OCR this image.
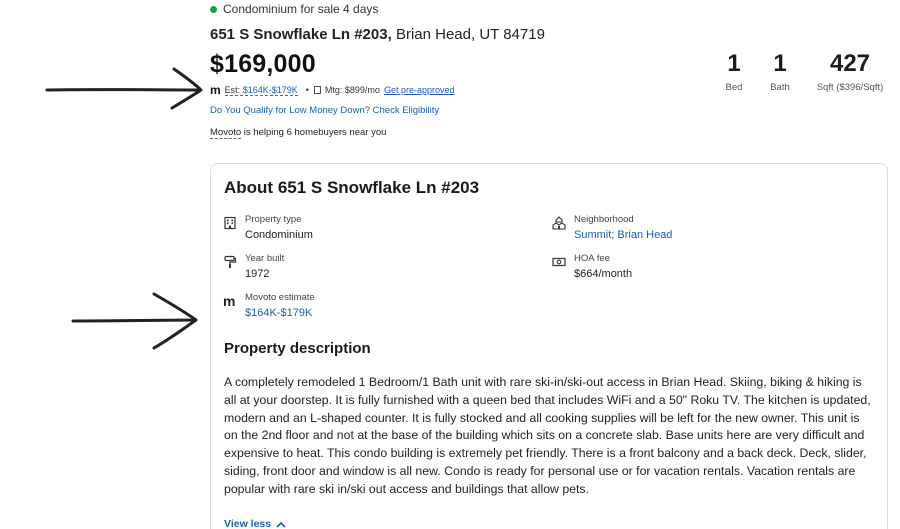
Condominium for sale 4 days
651 S Snowflake Ln #203, Brian Head, UT 84719
$169,000
m Est: $164K-$179K • Mtg: $899/mo Get pre-approved
Do You Qualify for Low Money Down? Check Eligibility
Movoto is helping 6 homebuyers near you
1
Bed
1
Bath
427
Sqft ($396/Sqft)
About 651 S Snowflake Ln #203
Property type
Condominium
Neighborhood
Summit; Brian Head
Year built
1972
HOA fee
$664/month
m Movoto estimate
$164K-$179K
Property description
A completely remodeled 1 Bedroom/1 Bath unit with rare ski-in/ski-out access in Brian Head. Skiing, biking & hiking is all at your doorstep. It is fully furnished with a queen bed that includes WiFi and a 50" Roku TV. The kitchen is updated, modern and an L-shaped counter. It is fully stocked and all cooking supplies will be left for the new owner. This unit is on the 2nd floor and not at the base of the building which sits on a concrete slab. Base units here are very difficult and expensive to heat. This condo building is extremely pet friendly. There is a front balcony and a back deck. Deck, slider, siding, front door and window is all new. Condo is ready for personal use or for vacation rentals. Vacation rentals are popular with rare ski in/ski out access and buildings that allow pets.
View less
